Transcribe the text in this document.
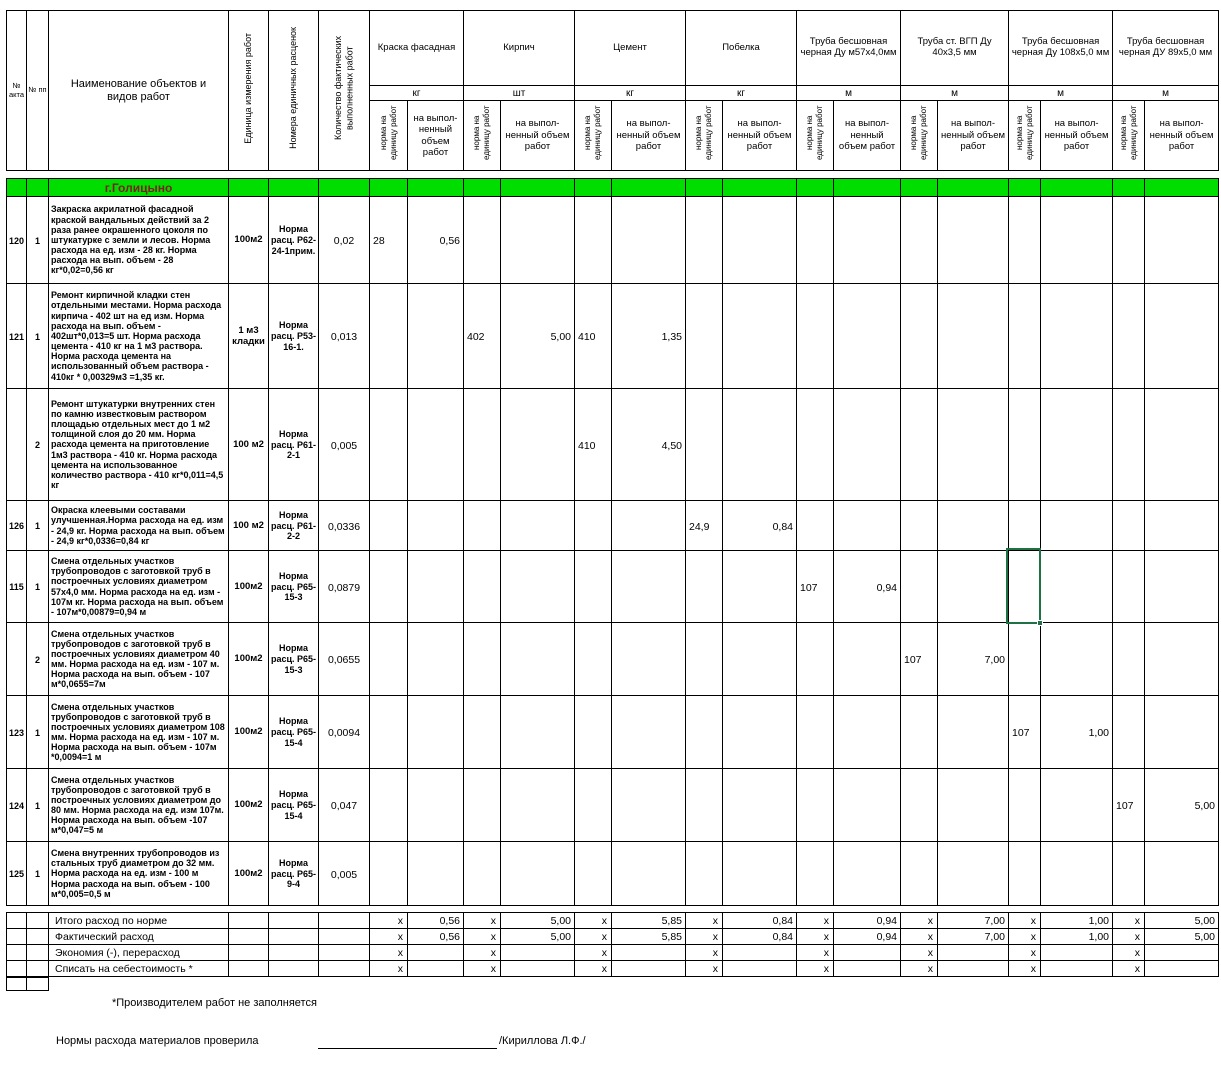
№ акта	№ пп	Наименование объектов и видов работ	Единица измерения работ	Номера единичных расценок	Количество фактических выполненных работ	Краска фасадная		Кирпич		Цемент		Побелка		Труба бесшовная черная Ду м57х4,0мм		Труба ст. ВГП Ду 40х3,5 мм		Труба бесшовная черная Ду 108х5,0 мм		Труба бесшовная черная ДУ 89х5,0 мм	
						кг		шт		кг		кг		м		м		м		м	
						норма на единицу работ	на выпол-ненный объем работ	норма на единицу работ	на выпол-ненный объем работ	норма на единицу работ	на выпол-ненный объем работ	норма на единицу работ	на выпол-ненный объем работ	норма на единицу работ	на выпол-ненный объем работ	норма на единицу работ	на выпол-ненный объем работ	норма на единицу работ	на выпол-ненный объем работ	норма на единицу работ	на выпол-ненный объем работ
		г.Голицыно																			
120	1	Закраска акрилатной фасадной краской вандальных действий за 2 раза ранее окрашенного цоколя по штукатурке с земли и лесов. Норма расхода на ед. изм - 28 кг. Норма расхода на вып. объем - 28 кг*0,02=0,56 кг	100м2	Норма расц. Р62-24-1прим.	0,02	28	0,56														
121	1	Ремонт кирпичной кладки стен отдельными местами. Норма расхода кирпича - 402 шт на ед изм. Норма расхода на вып. объем - 402шт*0,013=5 шт. Норма расхода цемента - 410 кг на 1 м3 раствора. Норма расхода цемента на использованный объем раствора - 410кг * 0,00329м3 =1,35 кг.	1 м3 кладки	Норма расц. Р53-16-1.	0,013			402	5,00	410	1,35										
	2	Ремонт штукатурки внутренних стен по камню известковым раствором площадью отдельных мест до 1 м2 толщиной слоя до 20 мм. Норма расхода цемента на приготовление 1м3 раствора - 410 кг. Норма расхода цемента на использованное количество раствора - 410 кг*0,011=4,5 кг	100 м2	Норма расц. Р61-2-1	0,005					410	4,50										
126	1	Окраска клеевыми составами улучшенная.Норма расхода на ед. изм - 24,9 кг. Норма расхода на вып. объем - 24,9 кг*0,0336=0,84 кг	100 м2	Норма расц. Р61-2-2	0,0336							24,9	0,84								
115	1	Смена отдельных участков трубопроводов с заготовкой труб в построечных условиях диаметром 57х4,0 мм. Норма расхода на ед. изм - 107м кг. Норма расхода на вып. объем - 107м*0,00879=0,94 м	100м2	Норма расц. Р65-15-3	0,0879									107	0,94						
	2	Смена отдельных участков трубопроводов с заготовкой труб в построечных условиях диаметром 40 мм. Норма расхода на ед. изм - 107 м. Норма расхода на вып. объем - 107 м*0,0655=7м	100м2	Норма расц. Р65-15-3	0,0655											107	7,00				
123	1	Смена отдельных участков трубопроводов с заготовкой труб в построечных условиях диаметром 108 мм. Норма расхода на ед. изм - 107 м. Норма расхода на вып. объем - 107м *0,0094=1 м	100м2	Норма расц. Р65-15-4	0,0094													107	1,00		
124	1	Смена отдельных участков трубопроводов с заготовкой труб в построечных условиях диаметром до 80 мм. Норма расхода на ед. изм 107м. Норма расхода на вып. объем -107 м*0,047=5 м	100м2	Норма расц. Р65-15-4	0,047															107	5,00
125	1	Смена внутренних трубопроводов из стальных труб диаметром до 32 мм. Норма расхода на ед. изм - 100 м Норма расхода на вып. объем - 100 м*0,005=0,5 м	100м2	Норма расц. Р65-9-4	0,005																
		Итого расход по норме				х	0,56	х	5,00	х	5,85	х	0,84	х	0,94	х	7,00	х	1,00	х	5,00
		Фактический расход				х	0,56	х	5,00	х	5,85	х	0,84	х	0,94	х	7,00	х	1,00	х	5,00
		Экономия (-), перерасход				х		х		х		х		х		х		х		х	
		Списать на себестоимость *				х		х		х		х		х		х		х		х	

*Производителем работ не заполняется
Нормы расхода материалов проверила	/Кириллова Л.Ф./
